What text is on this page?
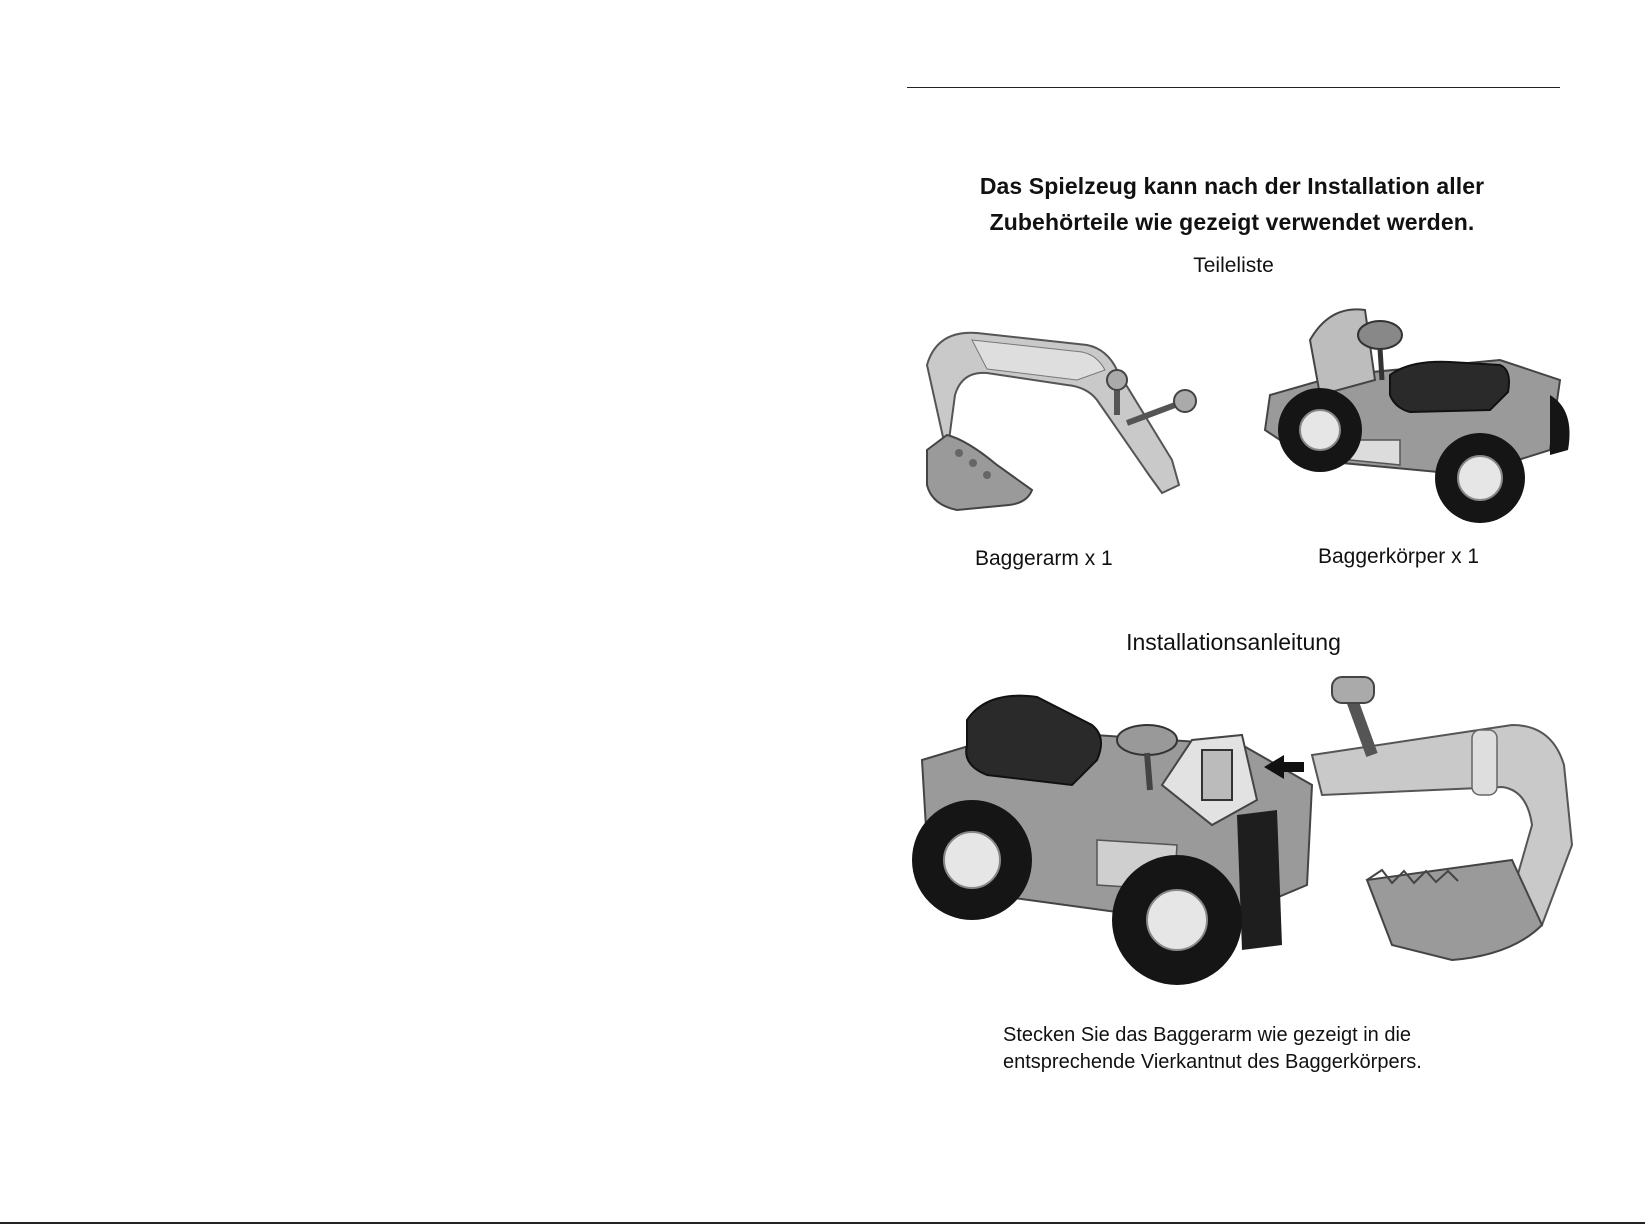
Das Spielzeug kann nach der Installation aller
Zubehörteile wie gezeigt verwendet werden.
Teileliste
Baggerarm x 1	Baggerkörper x 1
Installationsanleitung
Stecken Sie das Baggerarm wie gezeigt in die
entsprechende Vierkantnut des Baggerkörpers.
